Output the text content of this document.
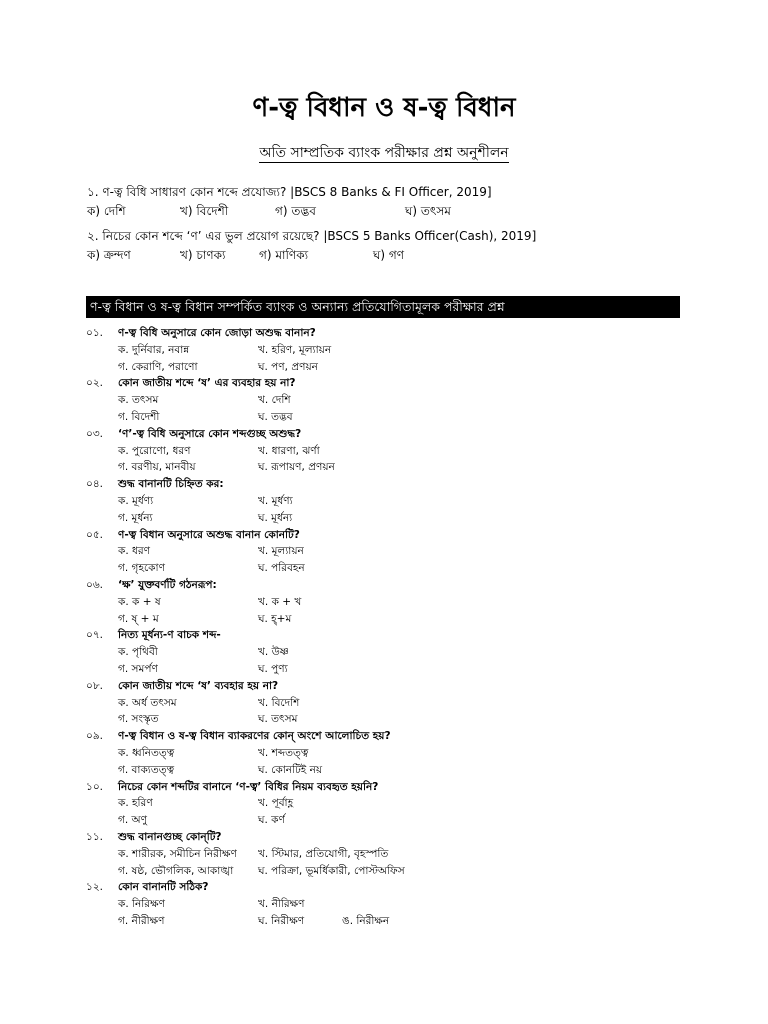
ণ-ত্ব বিধান ও ষ-ত্ব বিধান
অতি সাম্প্রতিক ব্যাংক পরীক্ষার প্রশ্ন অনুশীলন
১. ণ-ত্ব বিধি সাধারণ কোন শব্দে প্রযোজ্য? |BSCS 8 Banks & FI Officer, 2019]
ক) দেশি	খ) বিদেশী	গ) তদ্ভব	ঘ) তৎসম
২. নিচের কোন শব্দে ‘ণ’ এর ভুল প্রয়োগ রয়েছে? |BSCS 5 Banks Officer(Cash), 2019]
ক) ক্রন্দণ	খ) চাণক্য	গ) মাণিক্য	ঘ) গণ
ণ-ত্ব বিধান ও ষ-ত্ব বিধান সম্পর্কিত ব্যাংক ও অন্যান্য প্রতিযোগিতামূলক পরীক্ষার প্রশ্ন
০১. ণ-ত্ব বিধি অনুসারে কোন জোড়া অশুদ্ধ বানান?
ক. দুর্নিবার, নবান্ন	খ. হরিণ, মূল্যায়ন
গ. কেরাণি, পরাণো	ঘ. পণ, প্রণয়ন
০২. কোন জাতীয় শব্দে ‘ষ’ এর ব্যবহার হয় না?
ক. তৎসম	খ. দেশি
গ. বিদেশী	ঘ. তদ্ভব
০৩. ‘ণ’-ত্ব বিধি অনুসারে কোন শব্দগুচ্ছ অশুদ্ধ?
ক. পুরোণো, ধরণ	খ. ধারণা, ঝর্ণা
গ. বরণীয়, মানবীয়	ঘ. রূপায়ণ, প্রণয়ন
০৪. শুদ্ধ বানানটি চিহ্নিত কর:
ক. মূর্ধণ্য	খ. মূর্ধণ্য
গ. মূর্ধন্য	ঘ. মূর্ধন্য
০৫. ণ-ত্ব বিধান অনুসারে অশুদ্ধ বানান কোনটি?
ক. ধরণ	খ. মূল্যায়ন
গ. গৃহকোণ	ঘ. পরিবহন
০৬. ‘ক্ষ’ যুক্তবর্ণটি গঠনরূপ:
ক. ক + ষ	খ. ক + খ
গ. ষ্ + ম	ঘ. হ্+ম
০৭. নিত্য মূর্ধন্য-ণ বাচক শব্দ-
ক. পৃথিবী	খ. উষ্ণ
গ. সমর্পণ	ঘ. পুণ্য
০৮. কোন জাতীয় শব্দে ‘ষ’ ব্যবহার হয় না?
ক. অর্ধ তৎসম	খ. বিদেশি
গ. সংস্কৃত	ঘ. তৎসম
০৯. ণ-ত্ব বিধান ও ষ-ত্ব বিধান ব্যাকরণের কোন্ অংশে আলোচিত হয়?
ক. ধ্বনিতত্ত্ব	খ. শব্দতত্ত্ব
গ. বাক্যতত্ত্ব	ঘ. কোনটিই নয়
১০. নিচের কোন শব্দটির বানানে ‘ণ-ত্ব’ বিধির নিয়ম ব্যবহৃত হয়নি?
ক. হরিণ	খ. পূর্বাহ্ণ
গ. অণু	ঘ. কর্ণ
১১. শুদ্ধ বানানগুচ্ছ কোন্‌টি?
ক. শারীরক, সমীচিন নিরীক্ষণ খ. স্টিমার, প্রতিযোগী, বৃহস্পতি
গ. ষষ্ঠ, ভৌগলিক, আকাঙ্খা ঘ. পরিক্রা, ভূমর্ধিকারী, পোস্টঅফিস
১২. কোন বানানটি সঠিক?
ক. নিরিক্ষণ	খ. নীরিক্ষণ
গ. নীরীক্ষণ	ঘ. নিরীক্ষণ	ঙ. নিরীক্ষন
